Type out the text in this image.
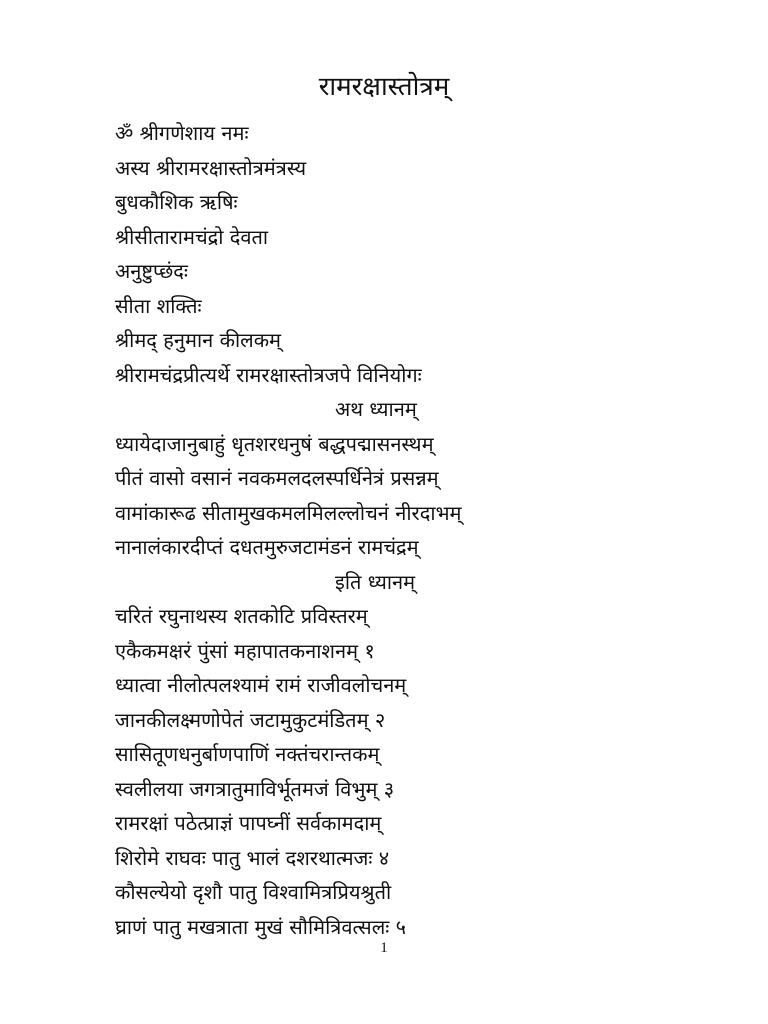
रामरक्षास्तोत्रम्
ॐ श्रीगणेशाय नमः
अस्य श्रीरामरक्षास्तोत्रमंत्रस्य
बुधकौशिक ऋषिः
श्रीसीतारामचंद्रो देवता
अनुष्टुप्छंदः
सीता शक्तिः
श्रीमद् हनुमान कीलकम्
श्रीरामचंद्रप्रीत्यर्थे रामरक्षास्तोत्रजपे विनियोगः
अथ ध्यानम्
ध्यायेदाजानुबाहुं धृतशरधनुषं बद्धपद्मासनस्थम्
पीतं वासो वसानं नवकमलदलस्पर्धिनेत्रं प्रसन्नम्
वामांकारूढ सीतामुखकमलमिलल्लोचनं नीरदाभम्
नानालंकारदीप्तं दधतमुरुजटामंडनं रामचंद्रम्
इति ध्यानम्
चरितं रघुनाथस्य शतकोटि प्रविस्तरम्
एकैकमक्षरं पुंसां महापातकनाशनम् १
ध्यात्वा नीलोत्पलश्यामं रामं राजीवलोचनम्
जानकीलक्ष्मणोपेतं जटामुकुटमंडितम् २
सासितूणधनुर्बाणपाणिं नक्तंचरान्तकम्
स्वलीलया जगत्रातुमाविर्भूतमजं विभुम् ३
रामरक्षां पठेत्प्राज्ञं पापघ्नीं सर्वकामदाम्
शिरोमे राघवः पातु भालं दशरथात्मजः ४
कौसल्येयो दृशौ पातु विश्वामित्रप्रियश्रुती
घ्राणं पातु मखत्राता मुखं सौमित्रिवत्सलः ५
1
